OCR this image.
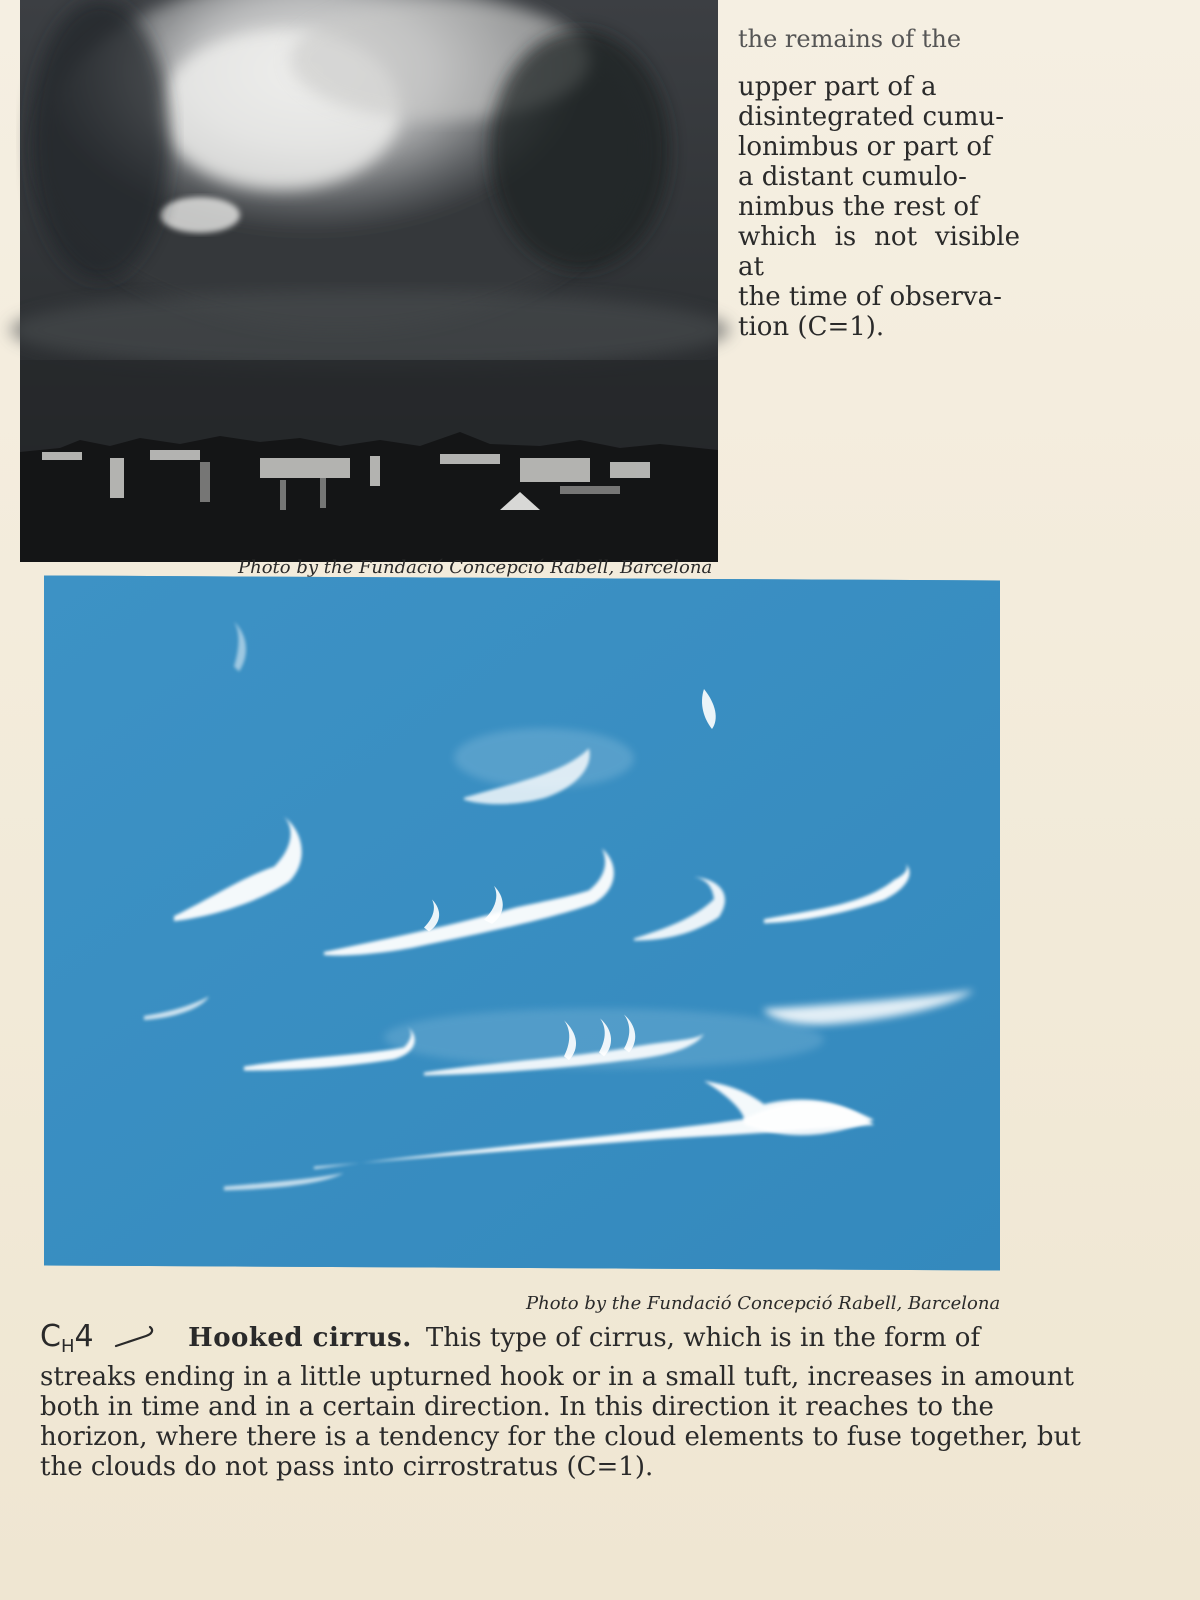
the remains of the

upper part of a
disintegrated cumu-
lonimbus or part of
a distant cumulo-
nimbus the rest of
which is not visible at
the time of observa-
tion (C=1).

Photo by the Fundació Concepció Rabell, Barcelona
Photo by the Fundació Concepció Rabell, Barcelona
$C_H4$	Hooked cirrus. This type of cirrus, which is in the form of
streaks ending in a little upturned hook or in a small tuft, increases in amount
both in time and in a certain direction. In this direction it reaches to the
horizon, where there is a tendency for the cloud elements to fuse together, but
the clouds do not pass into cirrostratus (C=1).
